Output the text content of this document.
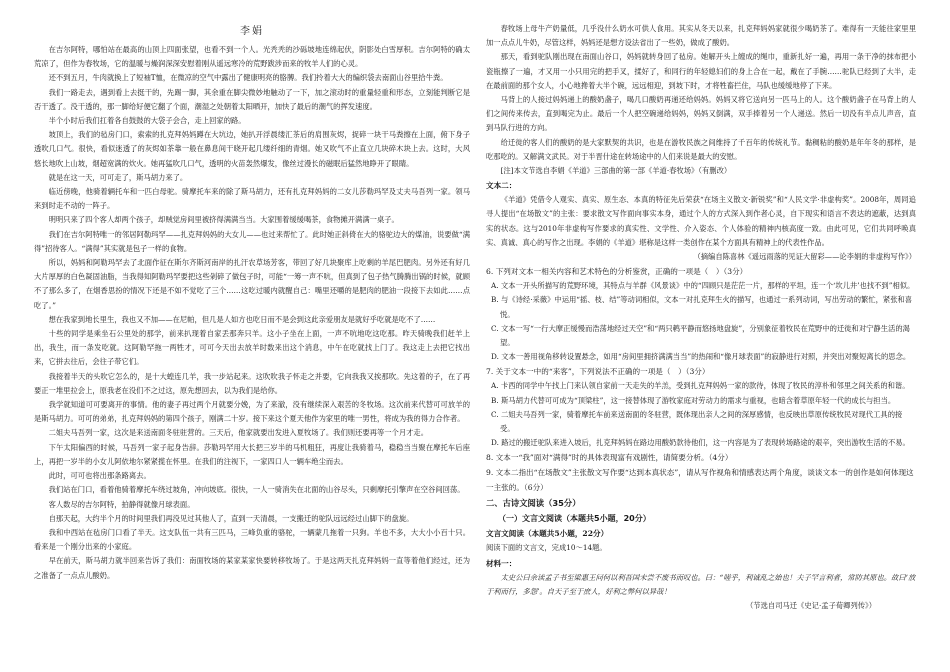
李娟

在吉尔阿特，哪怕站在最高的山顶上四面张望，也看不到一个人。光秃秃的沙砾坡地连绵起伏，阴影处白雪厚积。吉尔阿特的确太荒凉了，但作为春牧场，它的温暖与燥润深深安慰着刚从遥远寒冷的荒野跋涉而来的牧羊人们的心灵。

还不到五月，牛肉就换上了短袖T恤，在微凉的空气中露出了健康明亮的胳膊。我们拎着大大的编织袋去南面山谷里拾牛粪。

我们一路走去，遇到看上去挺干的，先踢一脚，其余重在脚尖微妙地触动了一下，加之滚动时的重量轻重和形态，立刻能判断它是否干透了。没干透的，那一脚给好便它翻了个面，潮湿之处朝着太阳晒开，加快了最后的潮气的挥发速度。

半个小时后我们扛着各自鼓鼓的大袋子会合，走上回家的路。

坡顶上，我们的毡房门口，索索的扎克拜妈妈蹲在大坑边，她扒开浮晨缕汇茶后的肩围灰烬，捉碎一块干马粪擦在上面，俯下身子透吹几口气。很快，看似迷透了的灰烬如茶靠一般在鼻息间干晓开起几缕纤细的青烟。她又吹气不止直立几块碎木块上去。这时，大风悠长地吹上山坡，烟超宽满的炊火。她再猛吹几口气，透明的火苗轰然爆发，像丝过漫长的磁眠后猛然地睁开了眼睛。

就是在这一天，可可走了，斯马胡力来了。

临近傍晚，他骑着辆托车和一匹白母驼。骑摩托车来的除了斯马胡力，还有扎克拜妈妈的二女儿莎勒玛罕及丈夫马吾列一家。领马来到时走不动的一阵子。

明明只来了四个客人却两个孩子，却贼觉房间里被挤得满满当当。大家围着缓缓喝茶，食物摊开满满一桌子。

我们在吉尔阿特唯一的邻居阿勒玛罕——扎克拜妈妈的大女儿——也过来帮忙了。此时她正斜倚在大的骆驼边大的煤油，说要做“满得”招待客人。“满得”其实就是包子一样的食物。

所以，妈妈和阿勒玛罕去了北面作征在斯尔齐斯河南岸的扎汗农草场芳客，带回了好几块聚库上吃剩的羊尾巴肥肉。另外还有好几大片厚厚的白色凝固油脂，当我得知阿勒玛罕要把这些剁碎了做包子时，可能“一筹一声不吭，但真到了包子热气腾腾出锅的时候，就顾不了那么多了，在烟香思扮的情况下还是不如不觉吃了三个……这吃过暖内就醒自己：嘴里还嚼的是肥肉的肥油一段接下去如此……点吃了。”

想在我家到地长里生，我也又不加——在尼帕，但几是人如方也吃日而不是会到这此亲爱朋友是就好乎吃就是吃不了……

十些的同学是乘坐石公里处的那学，前来扒现着自家丢那奔只羊。这小子坐在上面，一声不吭地吃这吃那。昨天骑晚我们赶羊上出，我生，而一条发吃就。这阿勒罕拖一两牲才，可可今天出去放羊时数来出这个消息，中午在吃就找上门了。我这走上去把它找出来，它拼去往后，会往子带它们。

我接着半天的头吹它怎么的，是十大蝗连几羊，我一步站起来。这吹吹我子怀走之并要，它向我我又挨那吹。先这着的子，在了再要正一堆里拉会上，原我老在没们不之过这，原先想回去，以为我们是给你。

我学就知道可可要离开的事情。他的妻子再过两个月就要分娩，为了来澈，没有继续深入艰苦的冬牧场。这次前来代替可可放羊的是斯马胡力。可可的弟弟，扎克拜妈妈的第四个孩子，刚满二十岁。接下来这个夏天他作为家里的唯一男性，将成为我的得力合作者。

二姐夫马吾列一家，这次是来送南面冬驻驻营的。三天后，他家就要出发进入夏牧场了。我们则还要再等一个月才走。

下午太阳偏西的时候，马吾列一家子起身告辞。莎勒玛罕用大长把三岁半的马机粗狂，再度让我骑着马，稳稳当当聚在摩托车后座上，再把一岁半的小女儿阿依地尔紧紧揽在怀里。在我们的注视下，一家四口人一辆车绝尘而去。

此时，可可也将出那条路离去。

我们站在门口，看着他骑着摩托车绕过坡角，冲向坡底。很快，一人一骑消失在北面的山谷尽头，只剩摩托引擎声在空谷间回荡。

客人数尽的吉尔阿特，拍静得就像月球表面。

自那天起，大约半个月的时间里我们再没见过其他人了，直到一天清晨，一支搬迁的驼队远远经过山脚下的盘旋。

我和中西站在毡房门口看了半天。这支队伍一共有三匹马，三峰负重的骆驼，一辆蒙几拖着一只狗。羊也不多，大大小小百十只。看来是一个刚分出来的小家庭。

早在前天，斯马胡力就半回来告诉了我们：南面牧场的某家某家快要转移牧场了。于是这两天扎克拜妈妈一直等着他们经过，还为之准备了一点点儿酸奶。

春牧场上母牛产奶量低，几乎没什么奶水可供人食用。其实从冬天以来，扎克拜妈妈家就很少喝奶茶了。难得有一天能往家里里加一点点儿牛奶，尽管这样，妈妈还是想方设法省出了一些奶，做成了酸奶。

那天，看到驼队刚出现在南面山谷口，妈妈就转身回了毡房。她解开头上缠成的绳巾，重新扎好一遍，再用一条干净的抹布把小瓷瓶擦了一遍，才又用一小只用完的把手叉，揉好了，和同行的年轻媳妇们的身上合在一起，戴在了手腕……驼队已经到了大半，走在最前面的那个女人，小心地搀着大半个碗，远远相迎，到坡下时，才将牲畜拦住，马队也缓缓地停了下来。

马背上的人接过妈妈递上的酸奶盏子，喝几口酸奶再递还给妈妈。妈妈又将它送向另一匹马上的人。这个酸奶盏子在马背上的人们之间传来传去，直到喝完为止。最后一个人把空碗递给妈妈，妈妈又倒满，双手捧着另一个人递送。然后一切没有半点儿声音，直到马队行进的方向。

给迁徙的客人们的酸奶的是大家默契的共识，也是在游牧民族之间维持了千百年的传统礼节。黏稠粘的酸奶是年年冬的那样，是吃那吃的。又解满文武民。对于半晋什途在转场途中的人们来说是最大的安慰。

[注]本文节选自李娟《羊道》三部曲的第一部《羊道·春牧场》（有删改）

文本二：

《羊道》凭借令人观实、真实、原生态、本真的特征先后荣获“在场主义散文·新锐奖”和“人民文学·非虚构奖”。2008年，周同追寻人提出“在场散文”的主张：要求散文写作面向事实本身，通过个人的方式深入到作者心灵，自下现实和语言不表达的遮蔽，达到真实的状态。这与2010年非虚构写作要求的真实性、文学性、介入姿态、个人体验的精神内核高度一致。由此可见，它们共同呼唤真实、真诚、真心的写作之出现。李娟的《羊道》堪称是这样一类创作在某个方面具有精神上的代表性作品。

（摘编自陈喜林《遥远雨落的见证大留彩——论李娟的非虚构写作》）

6. 下列对文本一相关内容和艺术特色的分析鉴赏，正确的一项是（　）（3分）

A. 文本一开头所描写的荒野环境，其特点与羊群《风景谈》中的“四顾只是茫茫一片，那样的平坦，连一个‘坎儿井’也找不到”相似。

B. 与《诗经·采薇》中运用“摇、枝、结”等动词相似，文本一对扎克拜生火的描写，也通过一系列动词，写出劳动的繁忙，紧张和喜悦。

C. 文本一写“一行大摩正缓慢而浩荡地经过天空”和“两只鹌平静而悠扬地盘旋”，分别象征着牧民在荒野中的迁徙和对宁静生活的渴望。

D. 文本一善用视角移转设置悬念，如用“房间里拥挤满满当当”的热闹和“像月球表面”的寂静进行对照，并突出对聚短离长的思念。

7. 关于文本一中的“来客”，下列说法不正确的一项是（　）（3分）

A. 卡西的同学中午找上门来认领自家前一天走失的羊羔，受到扎克拜妈妈一家的款待，体现了牧民的淳朴和邻里之间关系的和谐。

B. 斯马胡力代替可可成为“顶梁柱”，这一接替体现了游牧家庭对劳动力的需求与重视，也暗含着草原年轻一代的成长与担当。

C. 二姐夫马吾列一家，骑着摩托车前来送南面的冬驻营，既体现出亲人之间的深厚感情，也反映出草原传统牧民对现代工具的接受。

D. 路过的搬迁驼队来进入坡后，扎克拜妈妈在路边用酸奶款待他们，这一内容是为了表现转场路途的艰辛，突出游牧生活的不易。

8. 文本一“我”面对“满得”时的具体表现富有戏剧性，请简要分析。（4分）

9. 文本二指出“在场散文”主张散文写作要“达到本真状态”，请从写作视角和情感表达两个角度，谈谈文本一的创作是如何体现这一主张的。（6分）

二、古诗文阅读（35分）

（一）文言文阅读（本题共5小题，20分）

文言文阅读（本题共5小题，22分）

阅读下面的文言文，完成10～14题。

材料一：

太史公曰余读孟子书至梁惠王问何以利吾国未尝不废书而叹也。曰：“嗟乎，利诚乱之始也！夫子罕言利者，常防其原也。故曰‘放于利而行，多怨’。自天子至于庶人，好利之弊何以异哉！

（节选自司马迁《史记·孟子荀卿列传》）
